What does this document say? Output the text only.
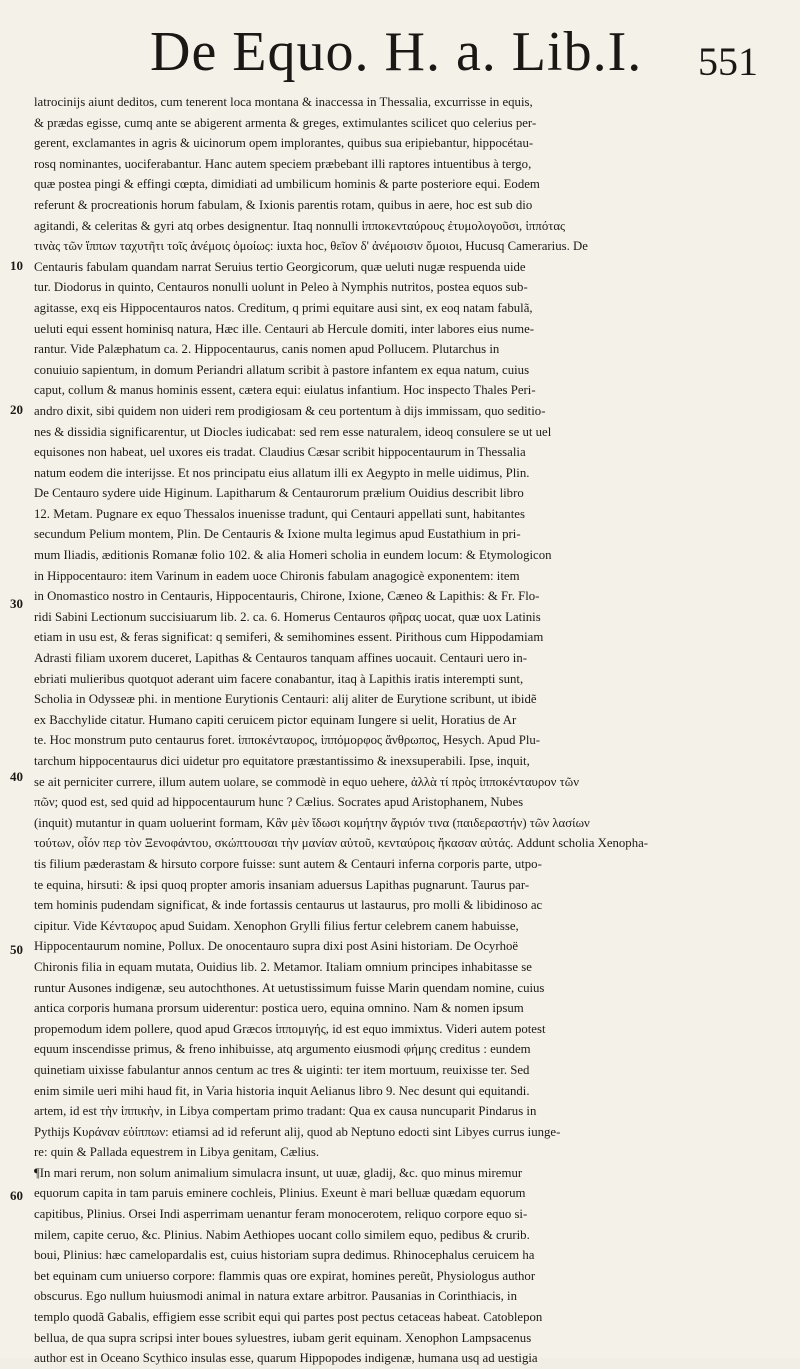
De Equo. H. a. Lib.I. 551
10
20
30
40
50
60
latrocinijs aiunt deditos, cum tenerent loca montana & inaccessa in Thessalia, excurrisse in equis,
& prædas egisse, cumq ante se abigerent armenta & greges, extimulantes scilicet quo celerius per-
gerent, exclamantes in agris & uicinorum opem implorantes, quibus sua eripiebantur, hippocétau-
rosq nominantes, uociferabantur. Hanc autem speciem præbebant illi raptores intuentibus à tergo,
quæ postea pingi & effingi cœpta, dimidiati ad umbilicum hominis & parte posteriore equi. Eodem
referunt & procreationis horum fabulam, & Ixionis parentis rotam, quibus in aere, hoc est sub dio
agitandi, & celeritas & gyri atq orbes designentur. Itaq nonnulli ἱπποκενταύρους ἐτυμολογοῦσι, ἱππότας
τινὰς τῶν ἵππων ταχυτῆτι τοῖς ἀνέμοις ὁμοίως: iuxta hoc, θεῖον δ' ἀνέμοισιν ὅμοιοι, Hucusq Camerarius. De
Centauris fabulam quandam narrat Seruius tertio Georgicorum, quæ ueluti nugæ respuenda uide
tur. Diodorus in quinto, Centauros nonulli uolunt in Peleo à Nymphis nutritos, postea equos sub-
agitasse, exq eis Hippocentauros natos. Creditum, q primi equitare ausi sint, ex eoq natam fabulã,
ueluti equi essent hominisq natura, Hæc ille. Centauri ab Hercule domiti, inter labores eius nume-
rantur. Vide Palæphatum ca. 2. Hippocentaurus, canis nomen apud Pollucem. Plutarchus in
conuiuio sapientum, in domum Periandri allatum scribit à pastore infantem ex equa natum, cuius
caput, collum & manus hominis essent, cætera equi: eiulatus infantium. Hoc inspecto Thales Peri-
andro dixit, sibi quidem non uideri rem prodigiosam & ceu portentum à dijs immissam, quo seditio-
nes & dissidia significarentur, ut Diocles iudicabat: sed rem esse naturalem, ideoq consulere se ut uel
equisones non habeat, uel uxores eis tradat. Claudius Cæsar scribit hippocentaurum in Thessalia
natum eodem die interijsse. Et nos principatu eius allatum illi ex Aegypto in melle uidimus, Plin.
De Centauro sydere uide Higinum. Lapitharum & Centaurorum prælium Ouidius describit libro
12. Metam. Pugnare ex equo Thessalos inuenisse tradunt, qui Centauri appellati sunt, habitantes
secundum Pelium montem, Plin. De Centauris & Ixione multa legimus apud Eustathium in pri-
mum Iliadis, æditionis Romanæ folio 102. & alia Homeri scholia in eundem locum: & Etymologicon
in Hippocentauro: item Varinum in eadem uoce Chironis fabulam anagogicè exponentem: item
in Onomastico nostro in Centauris, Hippocentauris, Chirone, Ixione, Cæneo & Lapithis: & Fr. Flo-
ridi Sabini Lectionum succisiuarum lib. 2. ca. 6. Homerus Centauros φῆρας uocat, quæ uox Latinis
etiam in usu est, & feras significat: q semiferi, & semihomines essent. Pirithous cum Hippodamiam
Adrasti filiam uxorem duceret, Lapithas & Centauros tanquam affines uocauit. Centauri uero in-
ebriati mulieribus quotquot aderant uim facere conabantur, itaq à Lapithis iratis interempti sunt,
Scholia in Odysseæ phi. in mentione Eurytionis Centauri: alij aliter de Eurytione scribunt, ut ibidẽ
ex Bacchylide citatur. Humano capiti ceruicem pictor equinam Iungere si uelit, Horatius de Ar
te. Hoc monstrum puto centaurus foret. ἱπποκένταυρος, ἱππόμορφος ἄνθρωπος, Hesych. Apud Plu-
tarchum hippocentaurus dici uidetur pro equitatore præstantissimo & inexsuperabili. Ipse, inquit,
se ait perniciter currere, illum autem uolare, se commodè in equo uehere, ἀλλὰ τί πρὸς ἱπποκένταυρον τῶν
πῶν; quod est, sed quid ad hippocentaurum hunc ? Cælius. Socrates apud Aristophanem, Nubes
(inquit) mutantur in quam uoluerint formam, Κἂν μὲν ἴδωσι κομήτην ἄγριόν τινα (παιδεραστήν) τῶν λασίων
τούτων, οἷόν περ τὸν Ξενοφάντου, σκώπτουσαι τὴν μανίαν αὐτοῦ, κενταύροις ἤκασαν αὐτάς. Addunt scholia Xenopha-
tis filium pæderastam & hirsuto corpore fuisse: sunt autem & Centauri inferna corporis parte, utpo-
te equina, hirsuti: & ipsi quoq propter amoris insaniam aduersus Lapithas pugnarunt. Taurus par-
tem hominis pudendam significat, & inde fortassis centaurus ut lastaurus, pro molli & libidinoso ac
cipitur. Vide Κένταυρος apud Suidam. Xenophon Grylli filius fertur celebrem canem habuisse,
Hippocentaurum nomine, Pollux. De onocentauro supra dixi post Asini historiam. De Ocyrhoë
Chironis filia in equam mutata, Ouidius lib. 2. Metamor. Italiam omnium principes inhabitasse se
runtur Ausones indigenæ, seu autochthones. At uetustissimum fuisse Marin quendam nomine, cuius
antica corporis humana prorsum uiderentur: postica uero, equina omnino. Nam & nomen ipsum
propemodum idem pollere, quod apud Græcos ἱππομιγής, id est equo immixtus. Videri autem potest
equum inscendisse primus, & freno inhibuisse, atq argumento eiusmodi φήμης creditus : eundem
quinetiam uixisse fabulantur annos centum ac tres & uiginti: ter item mortuum, reuixisse ter. Sed
enim simile ueri mihi haud fit, in Varia historia inquit Aelianus libro 9. Nec desunt qui equitandi.
artem, id est τὴν ἱππικὴν, in Libya compertam primo tradant: Qua ex causa nuncuparit Pindarus in
Pythijs Κυράναν εὐίππων: etiamsi ad id referunt alij, quod ab Neptuno edocti sint Libyes currus iunge-
re: quin & Pallada equestrem in Libya genitam, Cælius.
¶In mari rerum, non solum animalium simulacra insunt, ut uuæ, gladij, &c. quo minus miremur
equorum capita in tam paruis eminere cochleis, Plinius. Exeunt è mari belluæ quædam equorum
capitibus, Plinius. Orsei Indi asperrimam uenantur feram monocerotem, reliquo corpore equo si-
milem, capite ceruo, &c. Plinius. Nabim Aethiopes uocant collo similem equo, pedibus & crurib.
boui, Plinius: hæc camelopardalis est, cuius historiam supra dedimus. Rhinocephalus ceruicem ha
bet equinam cum uniuerso corpore: flammis quas ore expirat, homines pereũt, Physiologus author
obscurus. Ego nullum huiusmodi animal in natura extare arbitror. Pausanias in Corinthiacis, in
templo quodã Gabalis, effigiem esse scribit equi qui partes post pectus cetaceas habeat. Catoblepon
bellua, de qua supra scripsi inter boues syluestres, iubam gerit equinam. Xenophon Lampsacenus
author est in Oceano Scythico insulas esse, quarum Hippopodes indigenæ, humana usq ad uestigia
